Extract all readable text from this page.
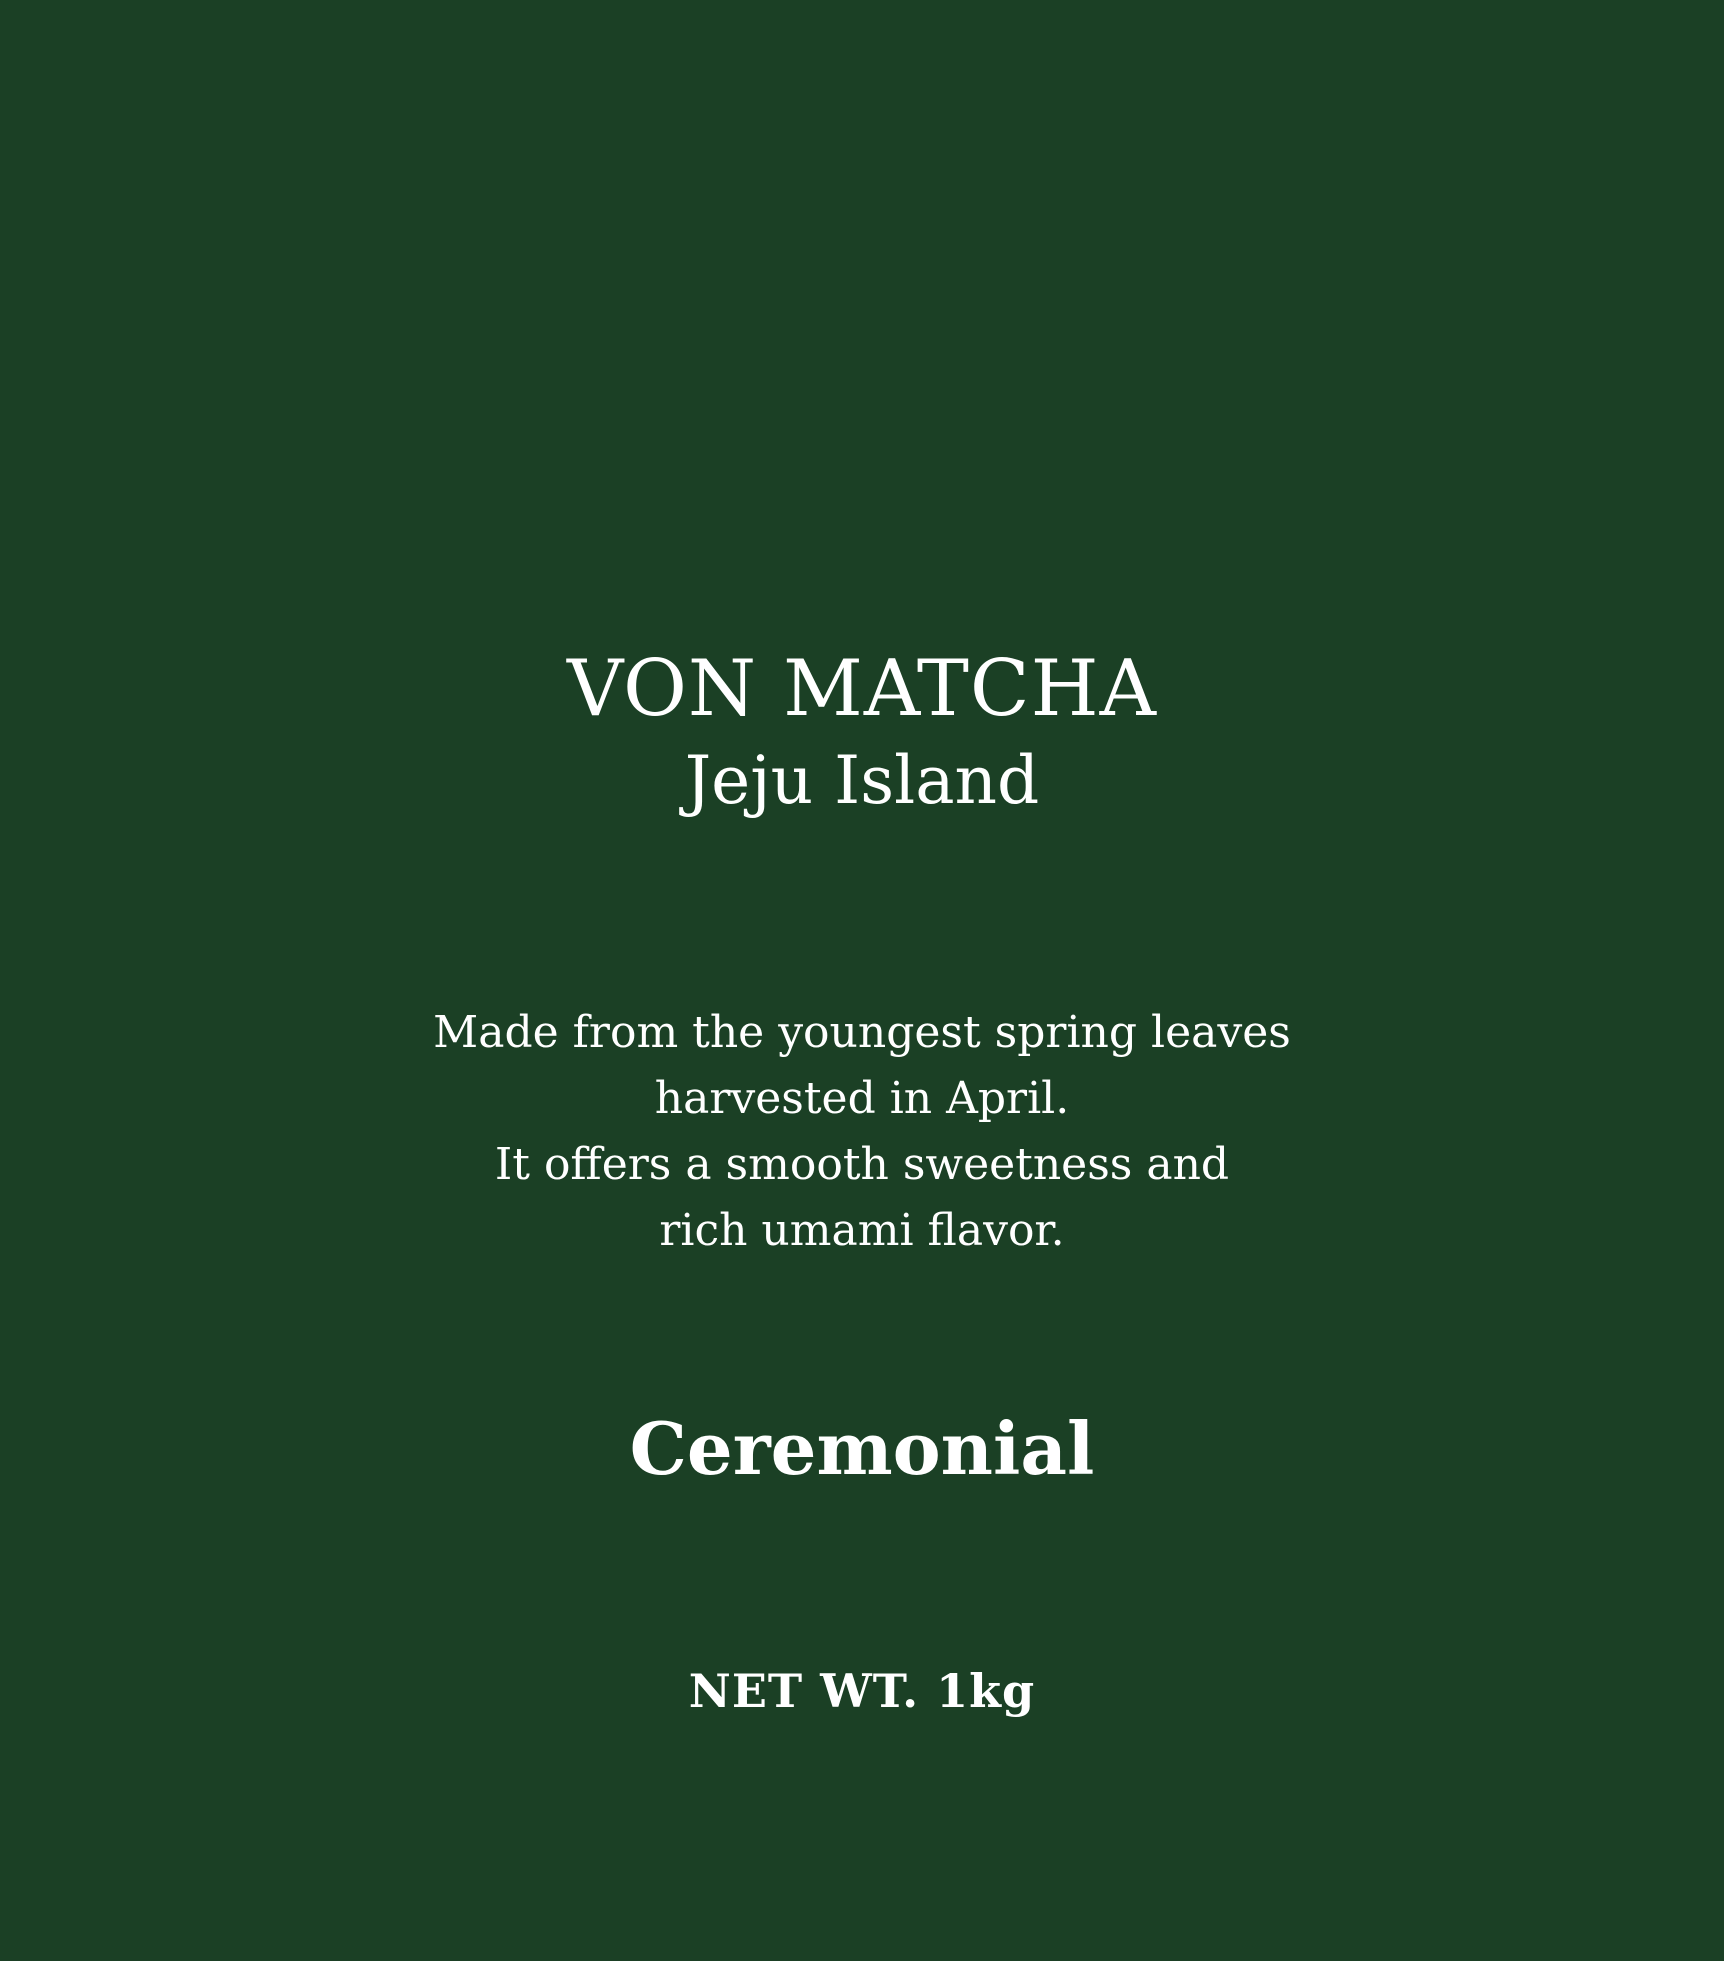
VON MATCHA
Jeju Island
Made from the youngest spring leaves
harvested in April.
It offers a smooth sweetness and
rich umami flavor.
Ceremonial
NET WT. 1kg
